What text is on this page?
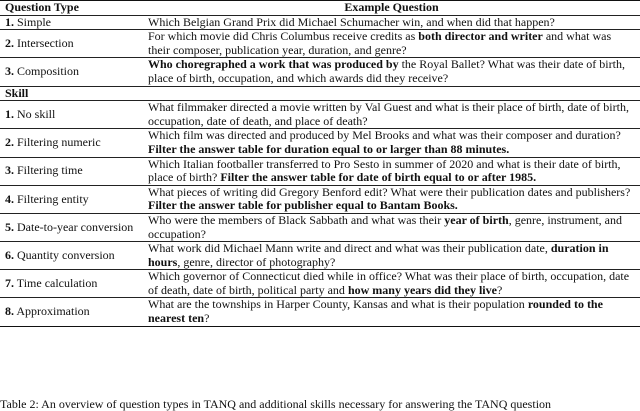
Question Type	Example Question
1. Simple	Which Belgian Grand Prix did Michael Schumacher win, and when did that happen?
2. Intersection	For which movie did Chris Columbus receive credits as both director and writer and what was their composer, publication year, duration, and genre?
3. Composition	Who choregraphed a work that was produced by the Royal Ballet? What was their date of birth, place of birth, occupation, and which awards did they receive?
Skill	
1. No skill	What filmmaker directed a movie written by Val Guest and what is their place of birth, date of birth, occupation, date of death, and place of death?
2. Filtering numeric	Which film was directed and produced by Mel Brooks and what was their composer and duration? Filter the answer table for duration equal to or larger than 88 minutes.
3. Filtering time	Which Italian footballer transferred to Pro Sesto in summer of 2020 and what is their date of birth, place of birth? Filter the answer table for date of birth equal to or after 1985.
4. Filtering entity	What pieces of writing did Gregory Benford edit? What were their publication dates and publishers? Filter the answer table for publisher equal to Bantam Books.
5. Date-to-year conversion	Who were the members of Black Sabbath and what was their year of birth, genre, instrument, and occupation?
6. Quantity conversion	What work did Michael Mann write and direct and what was their publication date, duration in hours, genre, director of photography?
7. Time calculation	Which governor of Connecticut died while in office? What was their place of birth, occupation, date of death, date of birth, political party and how many years did they live?
8. Approximation	What are the townships in Harper County, Kansas and what is their population rounded to the nearest ten?
Table 2: An overview of question types in TANQ and additional skills necessary for answering the TANQ question
